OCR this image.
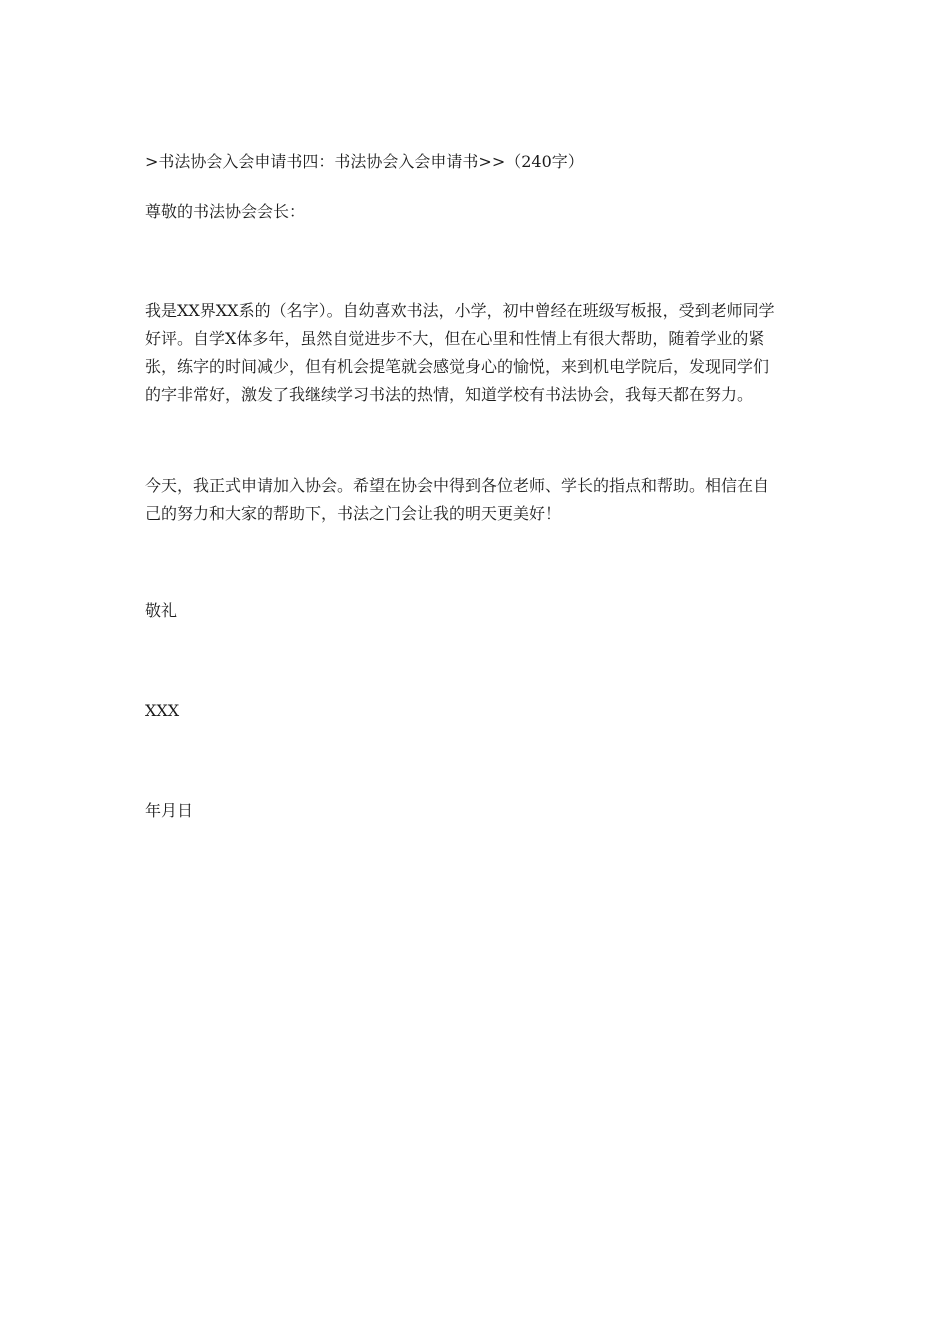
>书法协会入会申请书四：书法协会入会申请书>>（240字）
尊敬的书法协会会长：
我是XX界XX系的（名字）。自幼喜欢书法，小学，初中曾经在班级写板报，受到老师同学
好评。自学X体多年，虽然自觉进步不大，但在心里和性情上有很大帮助，随着学业的紧
张，练字的时间减少，但有机会提笔就会感觉身心的愉悦，来到机电学院后，发现同学们
的字非常好，激发了我继续学习书法的热情，知道学校有书法协会，我每天都在努力。
今天，我正式申请加入协会。希望在协会中得到各位老师、学长的指点和帮助。相信在自
己的努力和大家的帮助下，书法之门会让我的明天更美好！
敬礼
XXX
年月日
